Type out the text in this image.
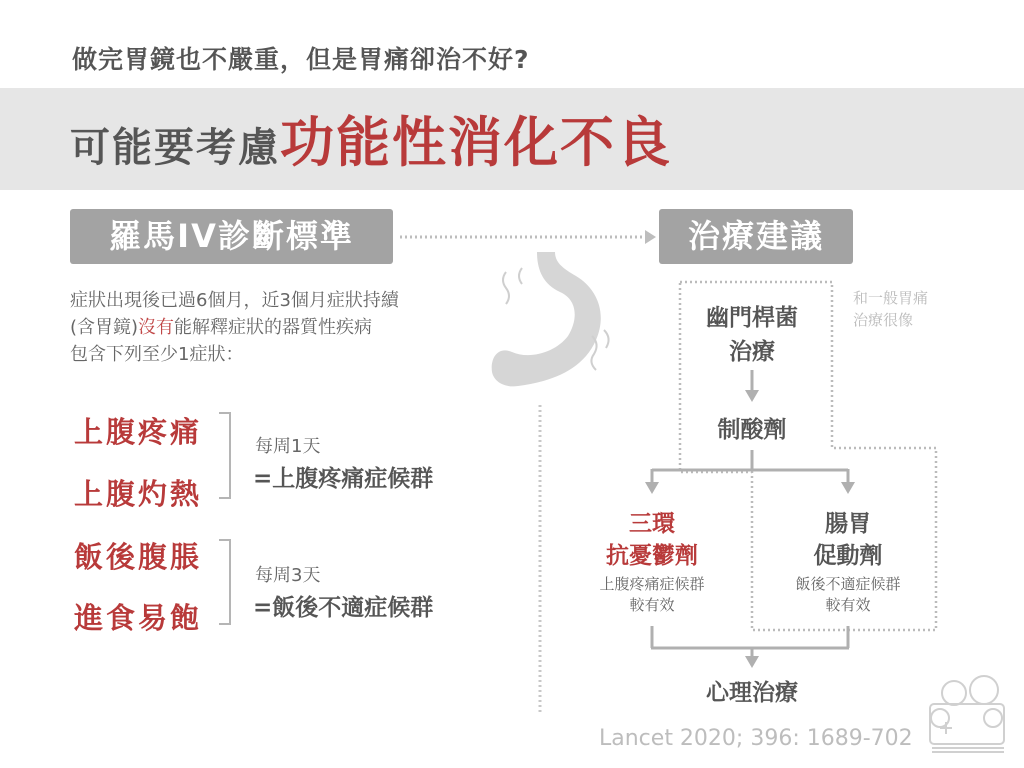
做完胃鏡也不嚴重，但是胃痛卻治不好?
可能要考慮功能性消化不良
羅馬IV診斷標準
症狀出現後已過6個月，近3個月症狀持續
(含胃鏡)沒有能解釋症狀的器質性疾病
包含下列至少1症狀：
上腹疼痛
上腹灼熱
飯後腹脹
進食易飽
每周1天
=上腹疼痛症候群
每周3天
=飯後不適症候群
治療建議
和一般胃痛
治療很像
幽門桿菌
治療
制酸劑
三環
抗憂鬱劑
上腹疼痛症候群
較有效
腸胃
促動劑
飯後不適症候群
較有效
心理治療
Lancet 2020; 396: 1689-702
